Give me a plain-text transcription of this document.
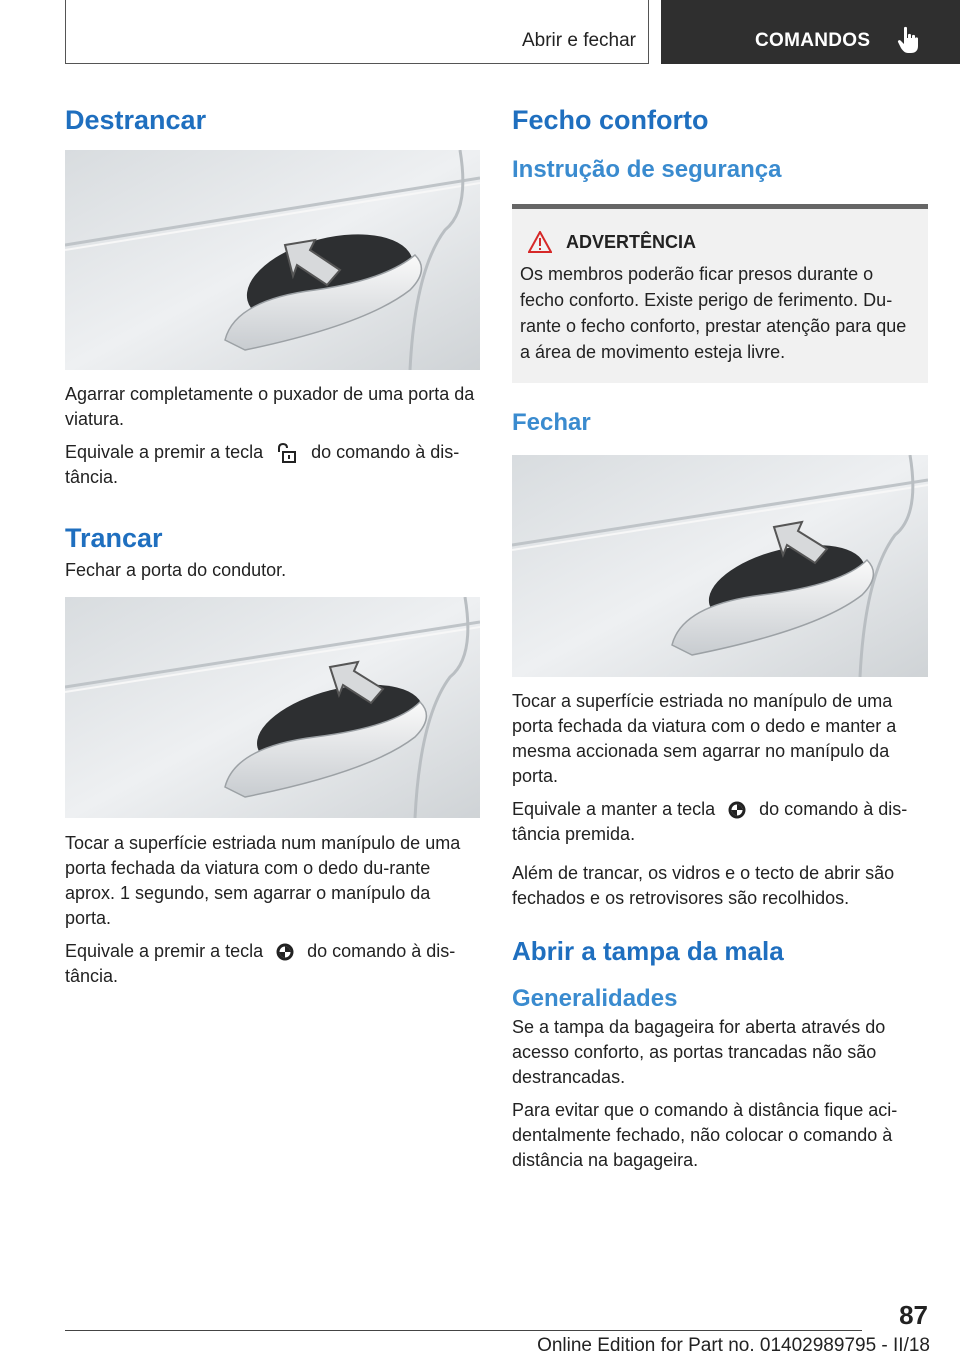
Abrir e fechar	COMANDOS
Destrancar

Agarrar completamente o puxador de uma porta da viatura.

Equivale a premir a tecla	do comando à dis-tância.

Trancar

Fechar a porta do condutor.

Tocar a superfície estriada num manípulo de uma porta fechada da viatura com o dedo du-rante aprox. 1 segundo, sem agarrar o manípulo da porta.

Equivale a premir a tecla do comando à dis-tância.

Fecho conforto
Instrução de segurança
ADVERTÊNCIA

Os membros poderão ficar presos durante o fecho conforto. Existe perigo de ferimento. Du-rante o fecho conforto, prestar atenção para que a área de movimento esteja livre.

Fechar

Tocar a superfície estriada no manípulo de uma porta fechada da viatura com o dedo e manter a mesma accionada sem agarrar no manípulo da porta.

Equivale a manter a tecla do comando à dis-tância premida.

Além de trancar, os vidros e o tecto de abrir são fechados e os retrovisores são recolhidos.

Abrir a tampa da mala
Generalidades

Se a tampa da bagageira for aberta através do acesso conforto, as portas trancadas não são destrancadas.

Para evitar que o comando à distância fique aci-dentalmente fechado, não colocar o comando à distância na bagageira.

87
Online Edition for Part no. 01402989795 - II/18
